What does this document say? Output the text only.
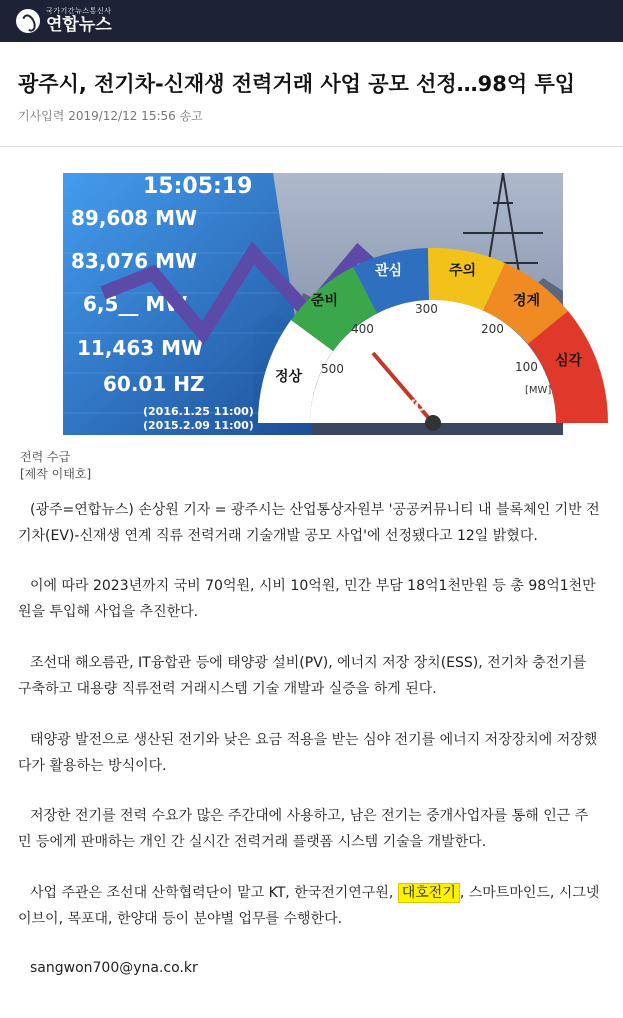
국가기간뉴스통신사
연합뉴스
광주시, 전기차-신재생 전력거래 사업 공모 선정…98억 투입
기사입력 2019/12/12 15:56 송고
15:05:19
89,608 MW
83,076 MW
6,5__ MW
11,463 MW
60.01 HZ
(2016.1.25 11:00)
(2015.2.09 11:00)
정상
준비
관심	주의
경계
심각
500
400
300
200
100
[MW]
YONHAP NEWS
전력 수급
[제작 이태호]

(광주=연합뉴스) 손상원 기자 = 광주시는 산업통상자원부 '공공커뮤니티 내 블록체인 기반 전기차(EV)-신재생 연계 직류 전력거래 기술개발 공모 사업'에 선정됐다고 12일 밝혔다.

이에 따라 2023년까지 국비 70억원, 시비 10억원, 민간 부담 18억1천만원 등 총 98억1천만원을 투입해 사업을 추진한다.

조선대 해오름관, IT융합관 등에 태양광 설비(PV), 에너지 저장 장치(ESS), 전기차 충전기를 구축하고 대용량 직류전력 거래시스템 기술 개발과 실증을 하게 된다.

태양광 발전으로 생산된 전기와 낮은 요금 적용을 받는 심야 전기를 에너지 저장장치에 저장했다가 활용하는 방식이다.

저장한 전기를 전력 수요가 많은 주간대에 사용하고, 남은 전기는 중개사업자를 통해 인근 주민 등에게 판매하는 개인 간 실시간 전력거래 플랫폼 시스템 기술을 개발한다.

사업 주관은 조선대 산학협력단이 맡고 KT, 한국전기연구원, 대호전기 , 스마트마인드, 시그넷이브이, 목포대, 한양대 등이 분야별 업무를 수행한다.

sangwon700@yna.co.kr
